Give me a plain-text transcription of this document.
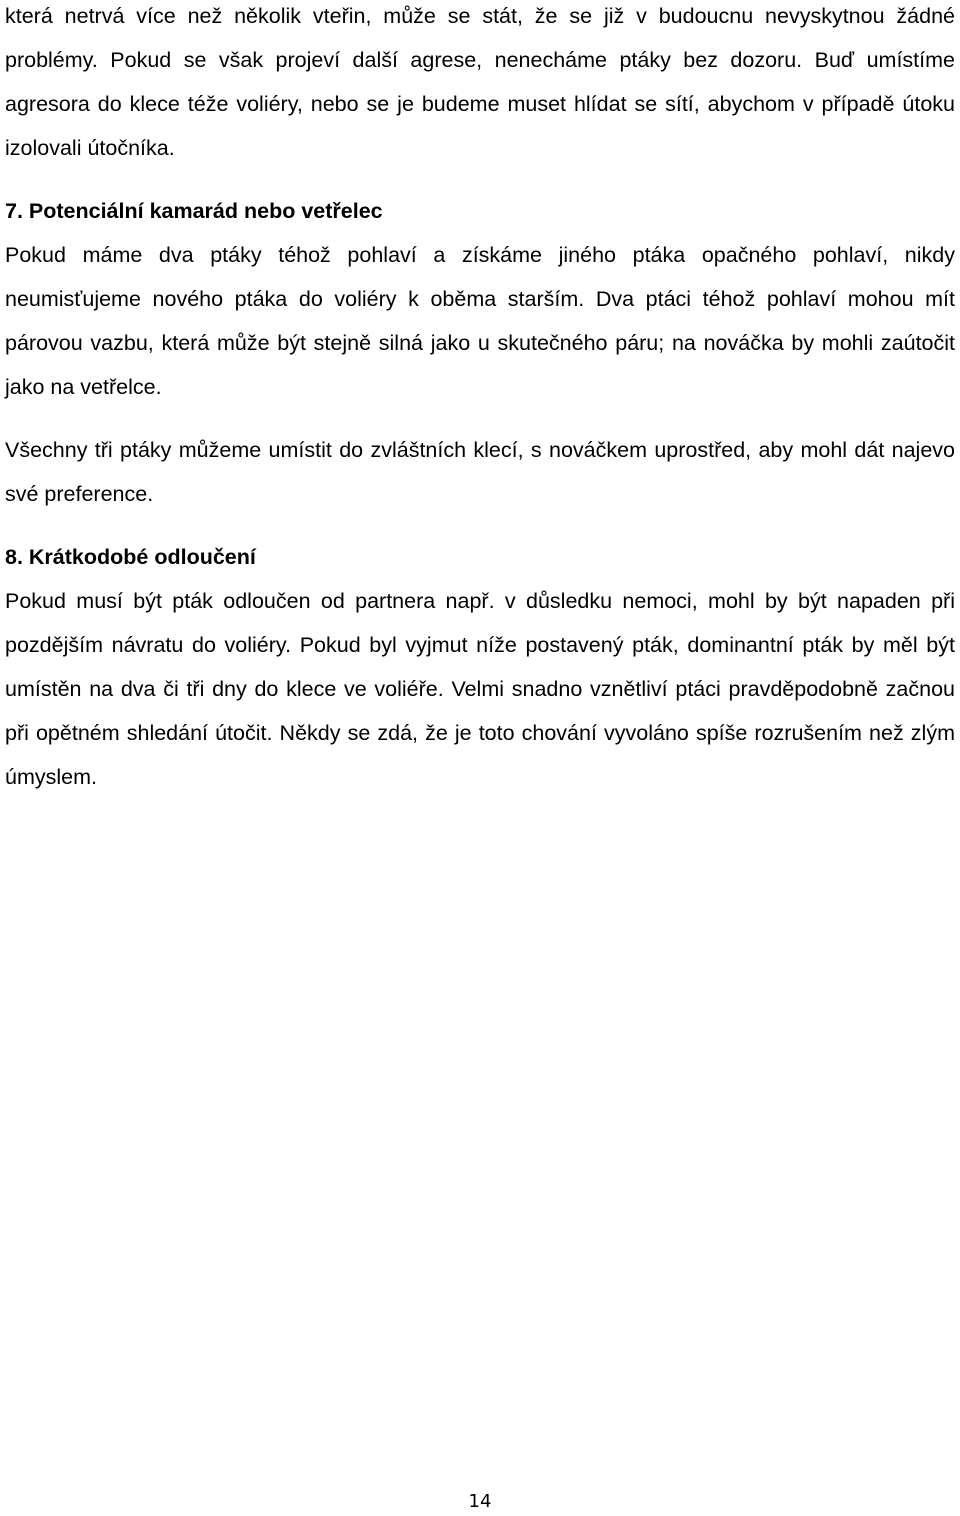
která netrvá více než několik vteřin, může se stát, že se již v budoucnu nevyskytnou žádné problémy. Pokud se však projeví další agrese, nenecháme ptáky bez dozoru. Buď umístíme agresora do klece téže voliéry, nebo se je budeme muset hlídat se sítí, abychom v případě útoku izolovali útočníka.

7. Potenciální kamarád nebo vetřelec

Pokud máme dva ptáky téhož pohlaví a získáme jiného ptáka opačného pohlaví, nikdy neumisťujeme nového ptáka do voliéry k oběma starším. Dva ptáci téhož pohlaví mohou mít párovou vazbu, která může být stejně silná jako u skutečného páru; na nováčka by mohli zaútočit jako na vetřelce.

Všechny tři ptáky můžeme umístit do zvláštních klecí, s nováčkem uprostřed, aby mohl dát najevo své preference.

8. Krátkodobé odloučení

Pokud musí být pták odloučen od partnera např. v důsledku nemoci, mohl by být napaden při pozdějším návratu do voliéry. Pokud byl vyjmut níže postavený pták, dominantní pták by měl být umístěn na dva či tři dny do klece ve voliéře. Velmi snadno vznětliví ptáci pravděpodobně začnou při opětném shledání útočit. Někdy se zdá, že je toto chování vyvoláno spíše rozrušením než zlým úmyslem.

14
